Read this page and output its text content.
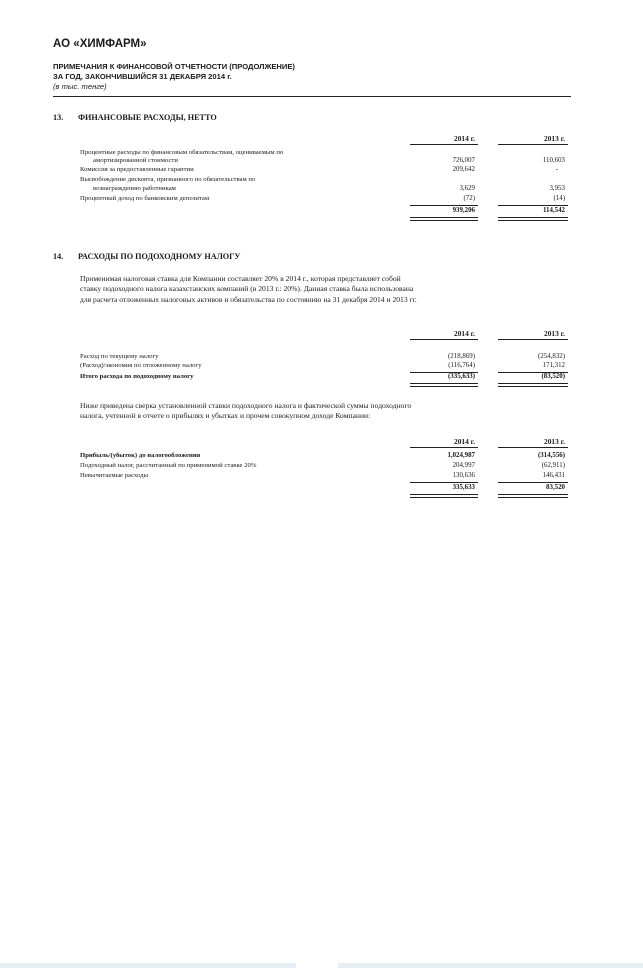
АО «ХИМФАРМ»
ПРИМЕЧАНИЯ К ФИНАНСОВОЙ ОТЧЕТНОСТИ (ПРОДОЛЖЕНИЕ)
ЗА ГОД, ЗАКОНЧИВШИЙСЯ 31 ДЕКАБРЯ 2014 г.
(в тыс. тенге)
13. ФИНАНСОВЫЕ РАСХОДЫ, НЕТТО
2014 г.	2013 г.
Процентные расходы по финансовым обязательствам, оцениваемым по
амортизированной стоимости	726,007	110,603
Комиссия за предоставленные гарантии	209,642	-
Высвобождение дисконта, признанного по обязательствам по
вознаграждению работникам	3,629	3,953
Процентный доход по банковским депозитам	(72)	(14)
939,206	114,542
14. РАСХОДЫ ПО ПОДОХОДНОМУ НАЛОГУ
Применимая налоговая ставка для Компании составляет 20% в 2014 г., которая представляет собой
ставку подоходного налога казахстанских компаний (в 2013 г.: 20%). Данная ставка была использована
для расчета отложенных налоговых активов и обязательства по состоянию на 31 декабря 2014 и 2013 гг.
2014 г.	2013 г.
Расход по текущему налогу	(218,869)	(254,832)
(Расход)/экономия по отложенному налогу	(116,764)	171,312
Итого расхода по подоходному налогу	(335,633)	(83,520)
Ниже приведена сверка установленной ставки подоходного налога и фактической суммы подоходного
налога, учтенной в отчете о прибылях и убытках и прочем совокупном доходе Компании:
2014 г.	2013 г.
Прибыль/(убыток) до налогообложения	1,024,987	(314,556)
Подоходный налог, рассчитанный по применимой ставке 20%	204,997	(62,911)
Невычитаемые расходы	130,636	146,431
335,633	83,520
